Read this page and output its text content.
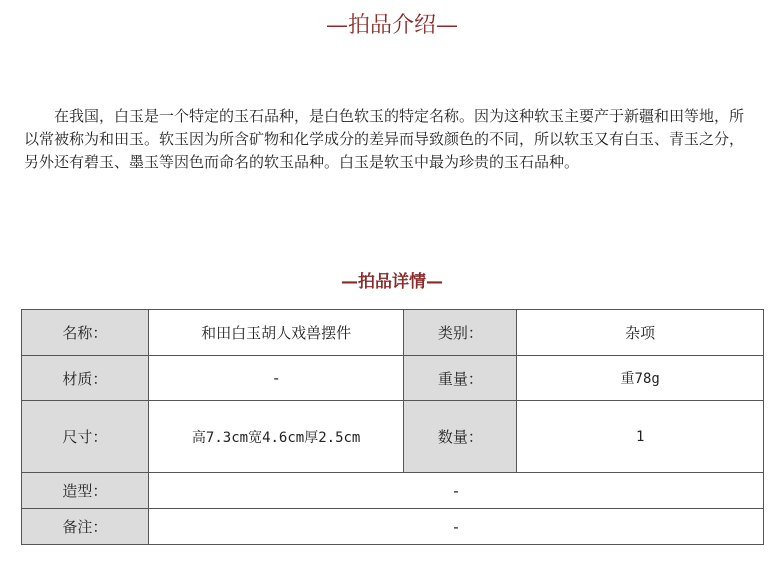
—拍品介绍—

在我国，白玉是一个特定的玉石品种，是白色软玉的特定名称。因为这种软玉主要产于新疆和田等地，所以常被称为和田玉。软玉因为所含矿物和化学成分的差异而导致颜色的不同，所以软玉又有白玉、青玉之分，另外还有碧玉、墨玉等因色而命名的软玉品种。白玉是软玉中最为珍贵的玉石品种。

—拍品详情—
名称：	和田白玉胡人戏兽摆件	类别：	杂项
材质：	-	重量：	重78g
尺寸：	高7.3cm宽4.6cm厚2.5cm	数量：	1
造型：	-		
备注：	-		
